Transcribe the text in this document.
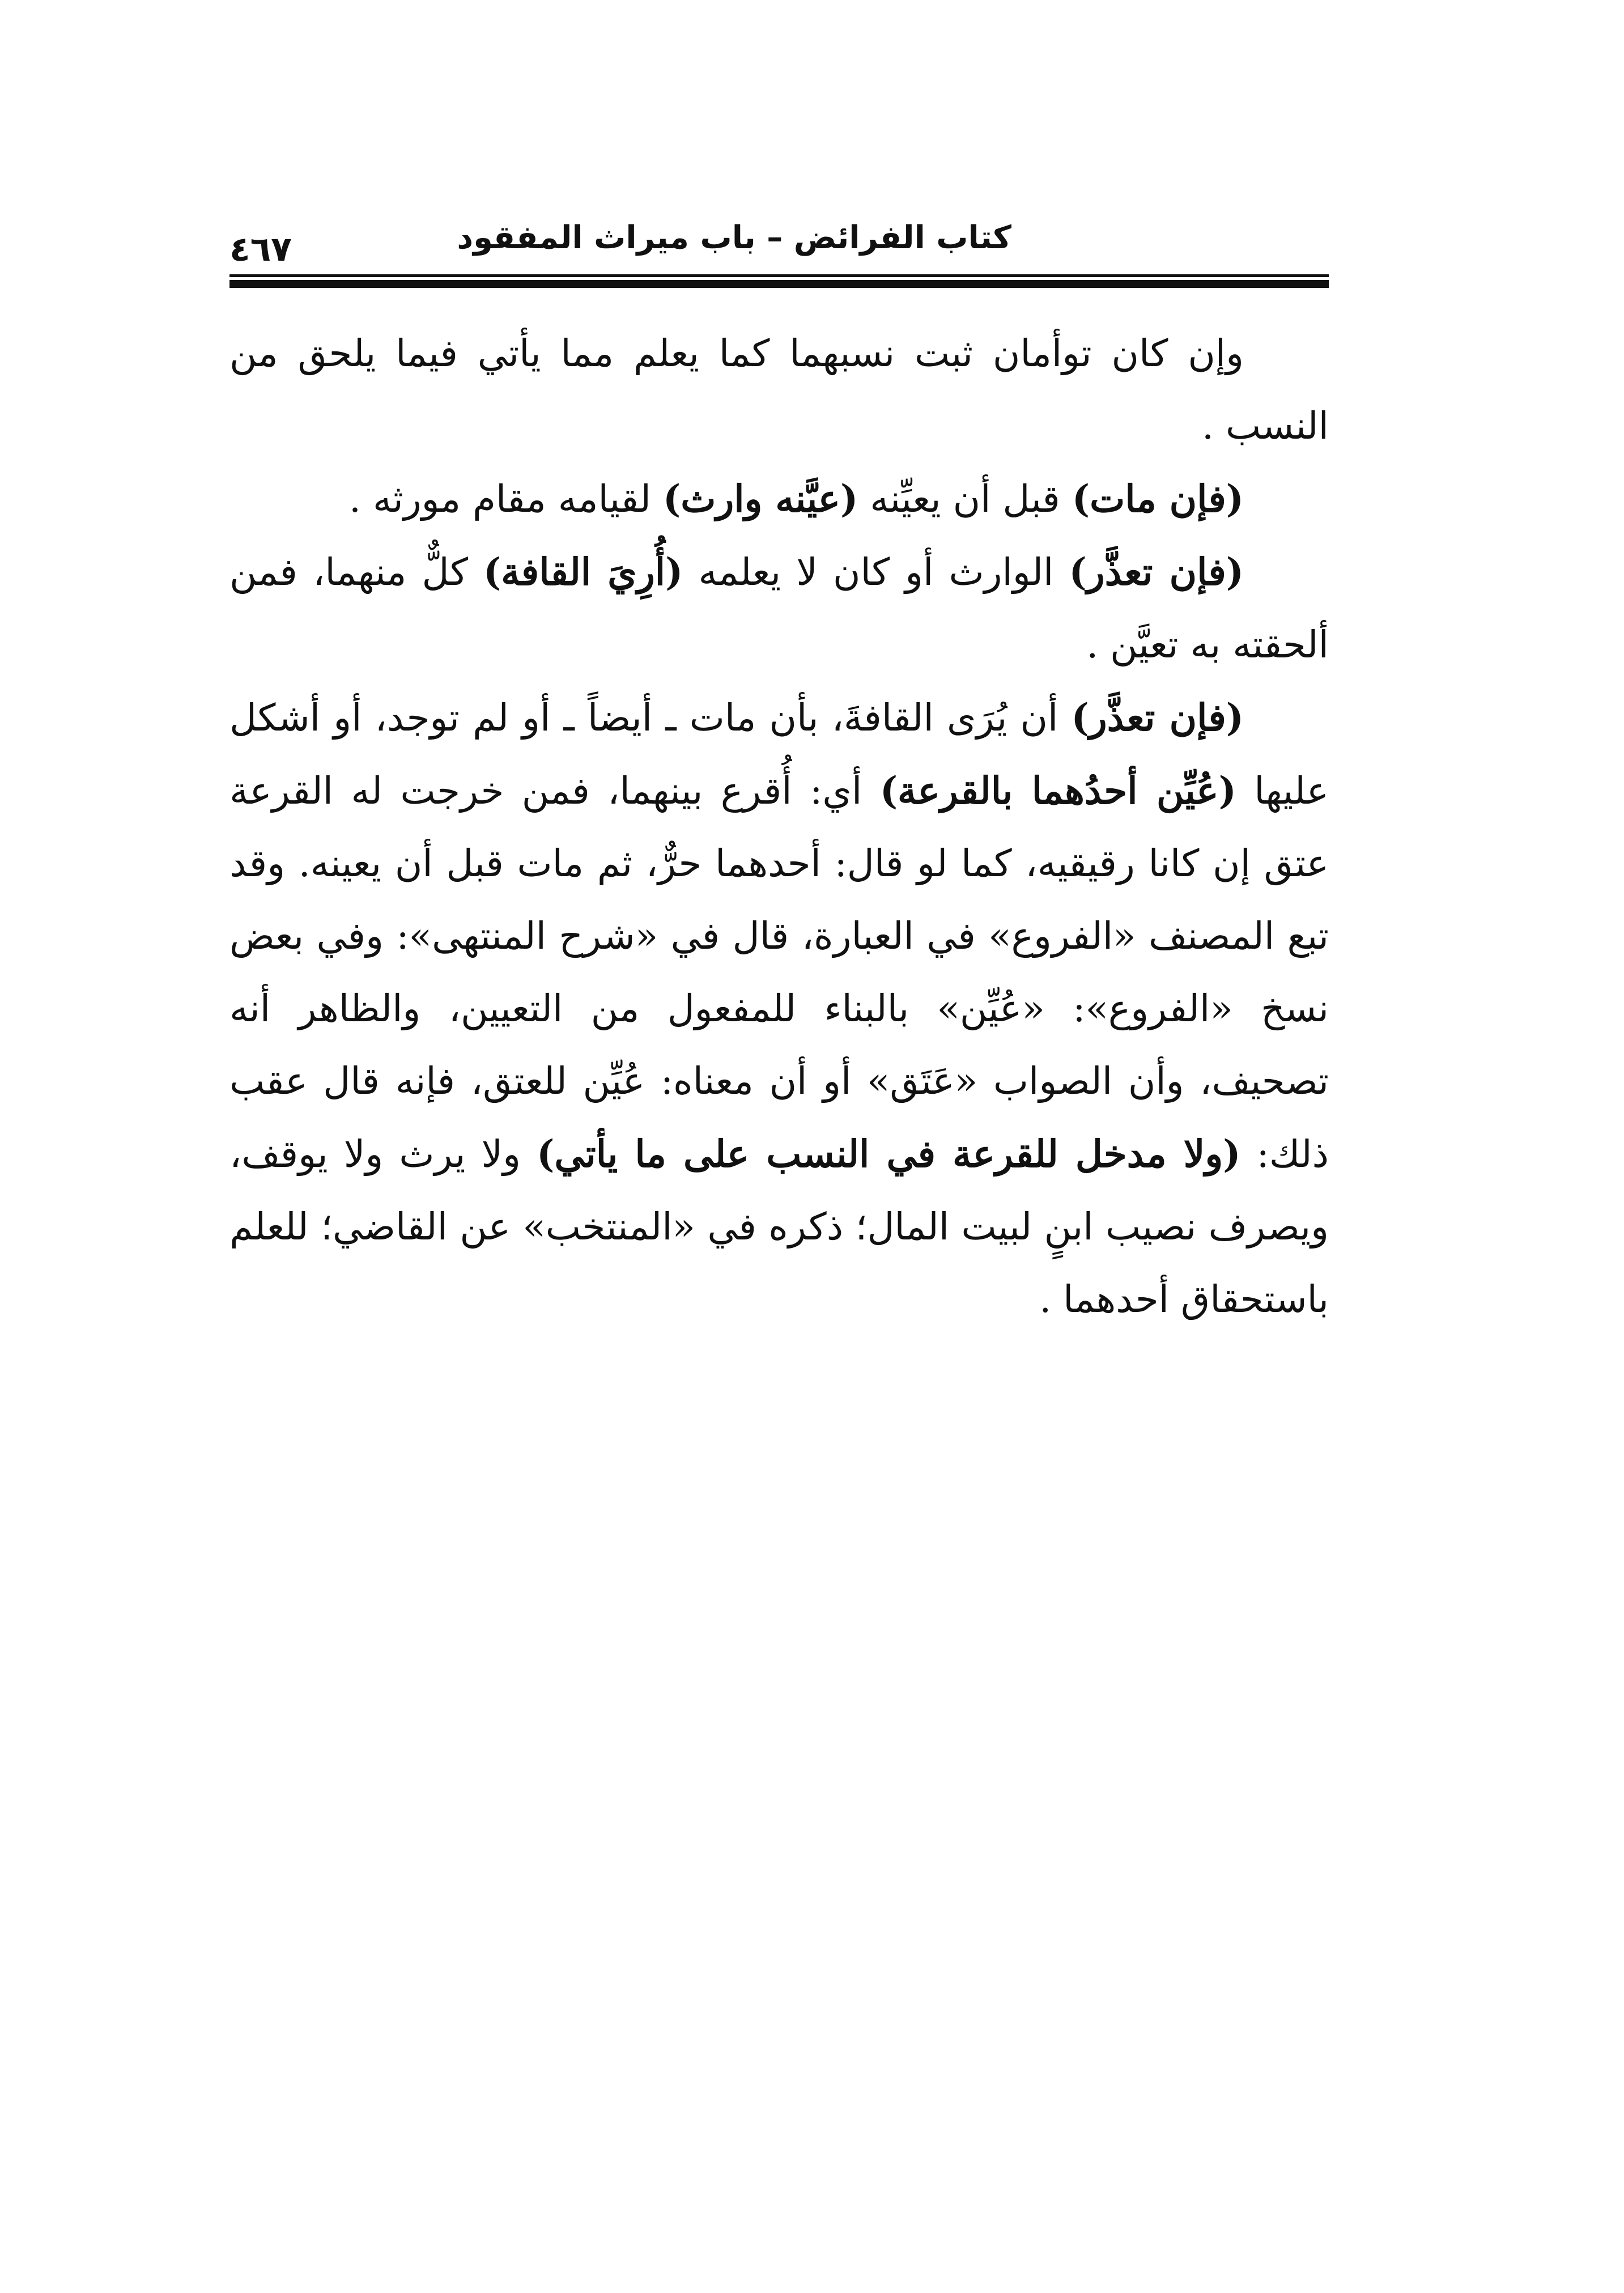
كتاب الفرائض – باب ميراث المفقود
٤٦٧

وإن كان توأمان ثبت نسبهما كما يعلم مما يأتي فيما يلحق من النسب .

(فإن مات) قبل أن يعيِّنه (عيَّنه وارث) لقيامه مقام مورثه .

(فإن تعذَّر) الوارث أو كان لا يعلمه (أُرِيَ القافة) كلٌّ منهما، فمن ألحقته به تعيَّن .

(فإن تعذَّر) أن يُرَى القافةَ، بأن مات ـ أيضاً ـ أو لم توجد، أو أشكل عليها (عُيِّن أحدُهما بالقرعة) أي: أُقرع بينهما، فمن خرجت له القرعة عتق إن كانا رقيقيه، كما لو قال: أحدهما حرٌّ، ثم مات قبل أن يعينه. وقد تبع المصنف «الفروع» في العبارة، قال في «شرح المنتهى»: وفي بعض نسخ «الفروع»: «عُيِّن» بالبناء للمفعول من التعيين، والظاهر أنه تصحيف، وأن الصواب «عَتَق» أو أن معناه: عُيِّن للعتق، فإنه قال عقب ذلك: (ولا مدخل للقرعة في النسب على ما يأتي) ولا يرث ولا يوقف، ويصرف نصيب ابنٍ لبيت المال؛ ذكره في «المنتخب» عن القاضي؛ للعلم باستحقاق أحدهما .
